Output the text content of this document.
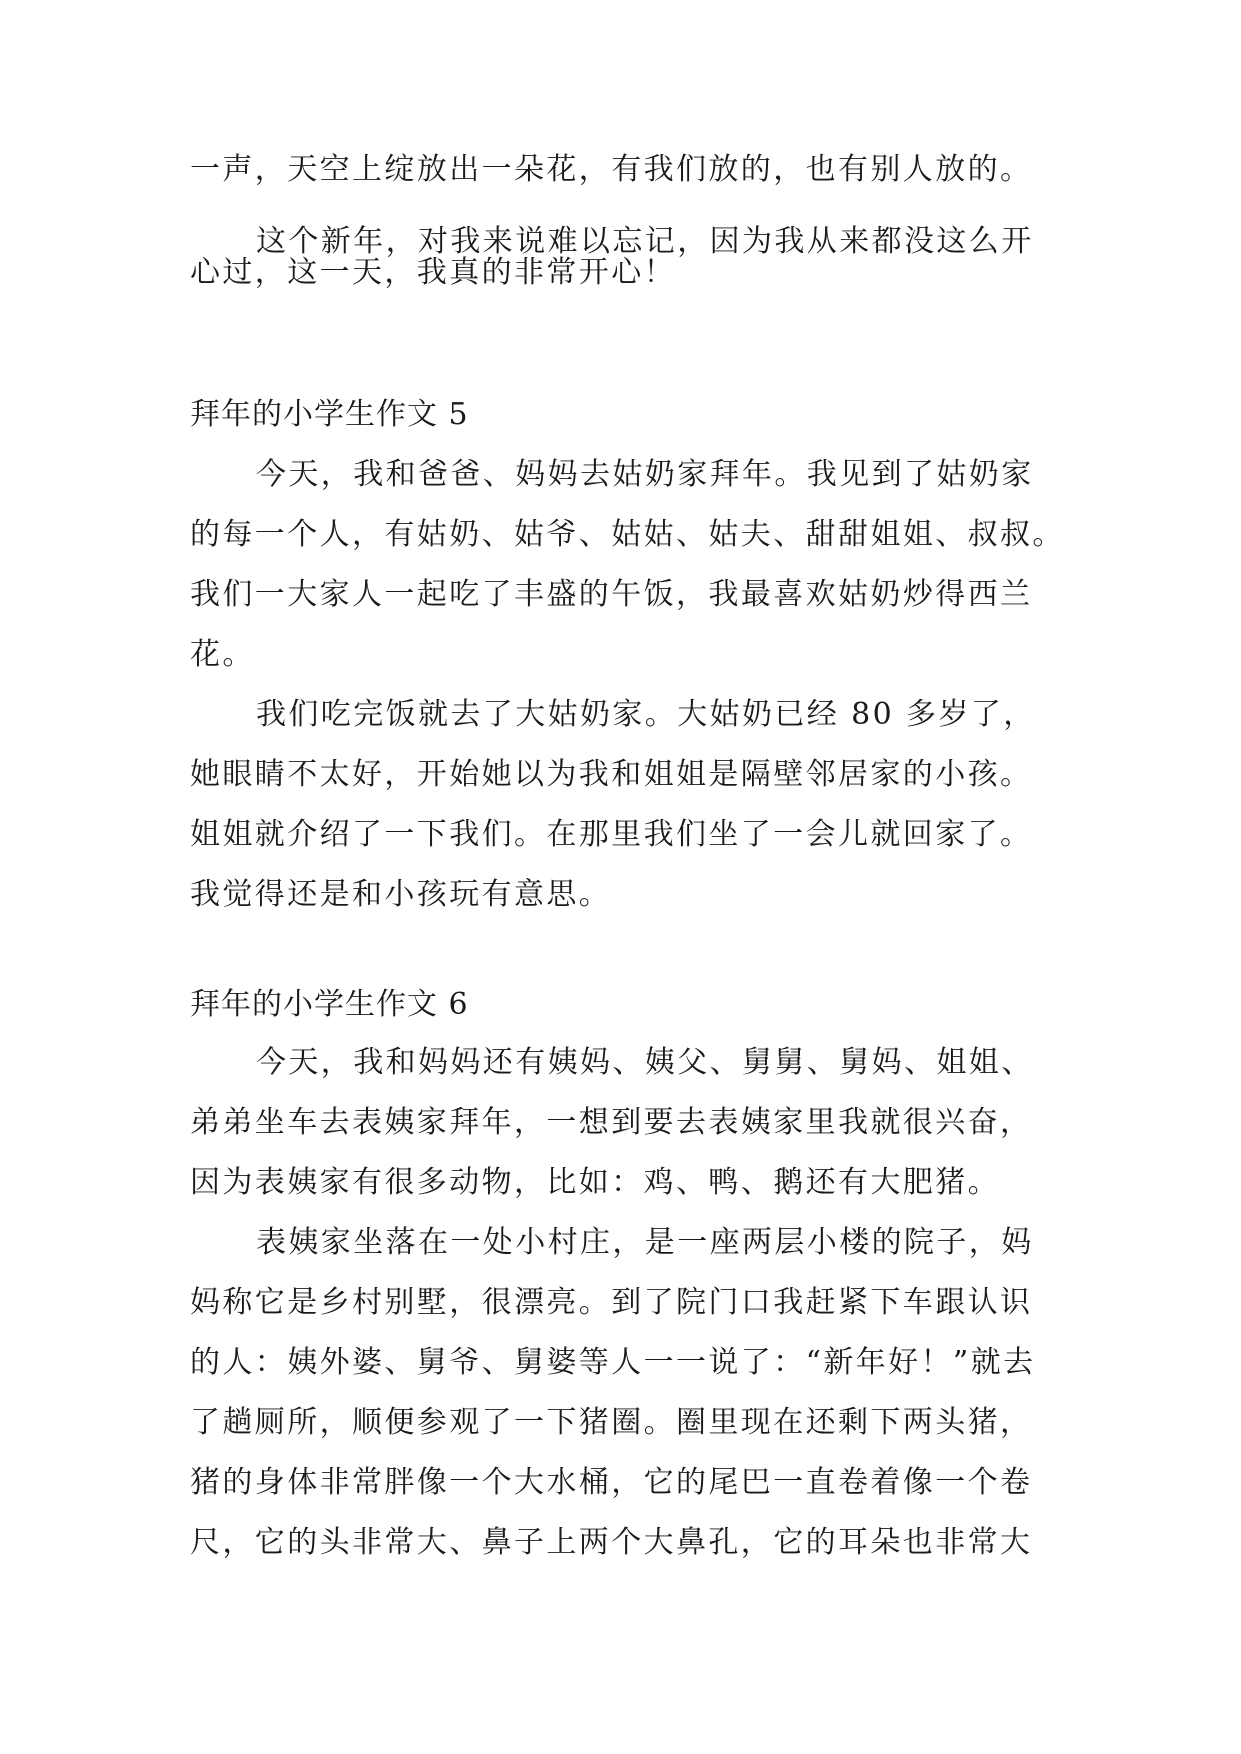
一声，天空上绽放出一朵花，有我们放的，也有别人放的。
这个新年，对我来说难以忘记，因为我从来都没这么开
心过，这一天，我真的非常开心！
拜年的小学生作文 5
今天，我和爸爸、妈妈去姑奶家拜年。我见到了姑奶家
的每一个人，有姑奶、姑爷、姑姑、姑夫、甜甜姐姐、叔叔。
我们一大家人一起吃了丰盛的午饭，我最喜欢姑奶炒得西兰
花。
我们吃完饭就去了大姑奶家。大姑奶已经 80 多岁了，
她眼睛不太好，开始她以为我和姐姐是隔壁邻居家的小孩。
姐姐就介绍了一下我们。在那里我们坐了一会儿就回家了。
我觉得还是和小孩玩有意思。
拜年的小学生作文 6
今天，我和妈妈还有姨妈、姨父、舅舅、舅妈、姐姐、
弟弟坐车去表姨家拜年，一想到要去表姨家里我就很兴奋，
因为表姨家有很多动物，比如：鸡、鸭、鹅还有大肥猪。
表姨家坐落在一处小村庄，是一座两层小楼的院子，妈
妈称它是乡村别墅，很漂亮。到了院门口我赶紧下车跟认识
的人：姨外婆、舅爷、舅婆等人一一说了：“新年好！”就去
了趟厕所，顺便参观了一下猪圈。圈里现在还剩下两头猪，
猪的身体非常胖像一个大水桶，它的尾巴一直卷着像一个卷
尺，它的头非常大、鼻子上两个大鼻孔，它的耳朵也非常大
